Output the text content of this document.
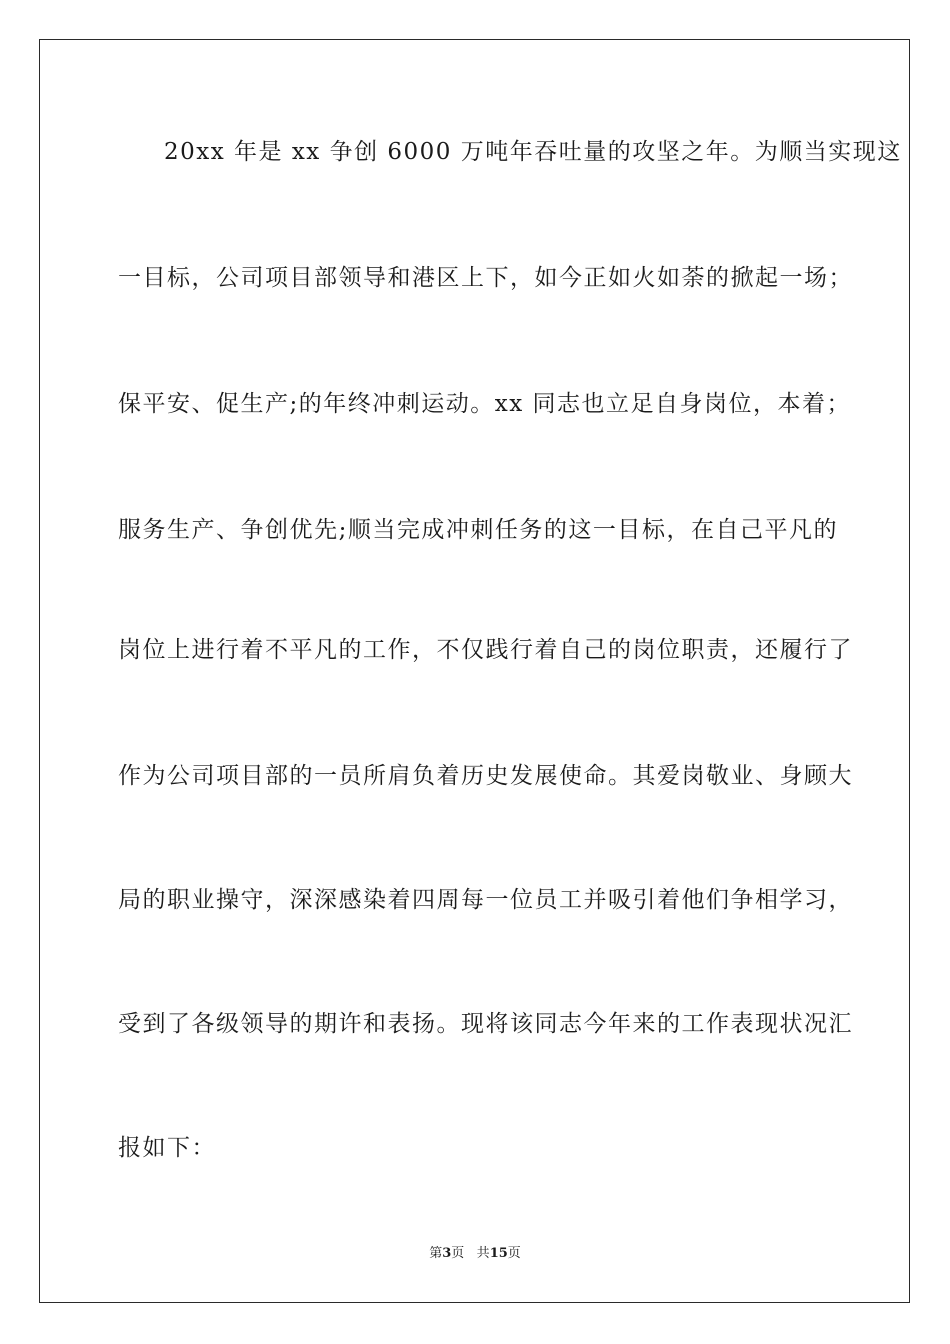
20xx 年是 xx 争创 6000 万吨年吞吐量的攻坚之年。为顺当实现这
一目标，公司项目部领导和港区上下，如今正如火如荼的掀起一场；
保平安、促生产;的年终冲刺运动。xx 同志也立足自身岗位，本着；
服务生产、争创优先;顺当完成冲刺任务的这一目标，在自己平凡的
岗位上进行着不平凡的工作，不仅践行着自己的岗位职责，还履行了
作为公司项目部的一员所肩负着历史发展使命。其爱岗敬业、身顾大
局的职业操守，深深感染着四周每一位员工并吸引着他们争相学习，
受到了各级领导的期许和表扬。现将该同志今年来的工作表现状况汇
报如下：
第3页 共15页
